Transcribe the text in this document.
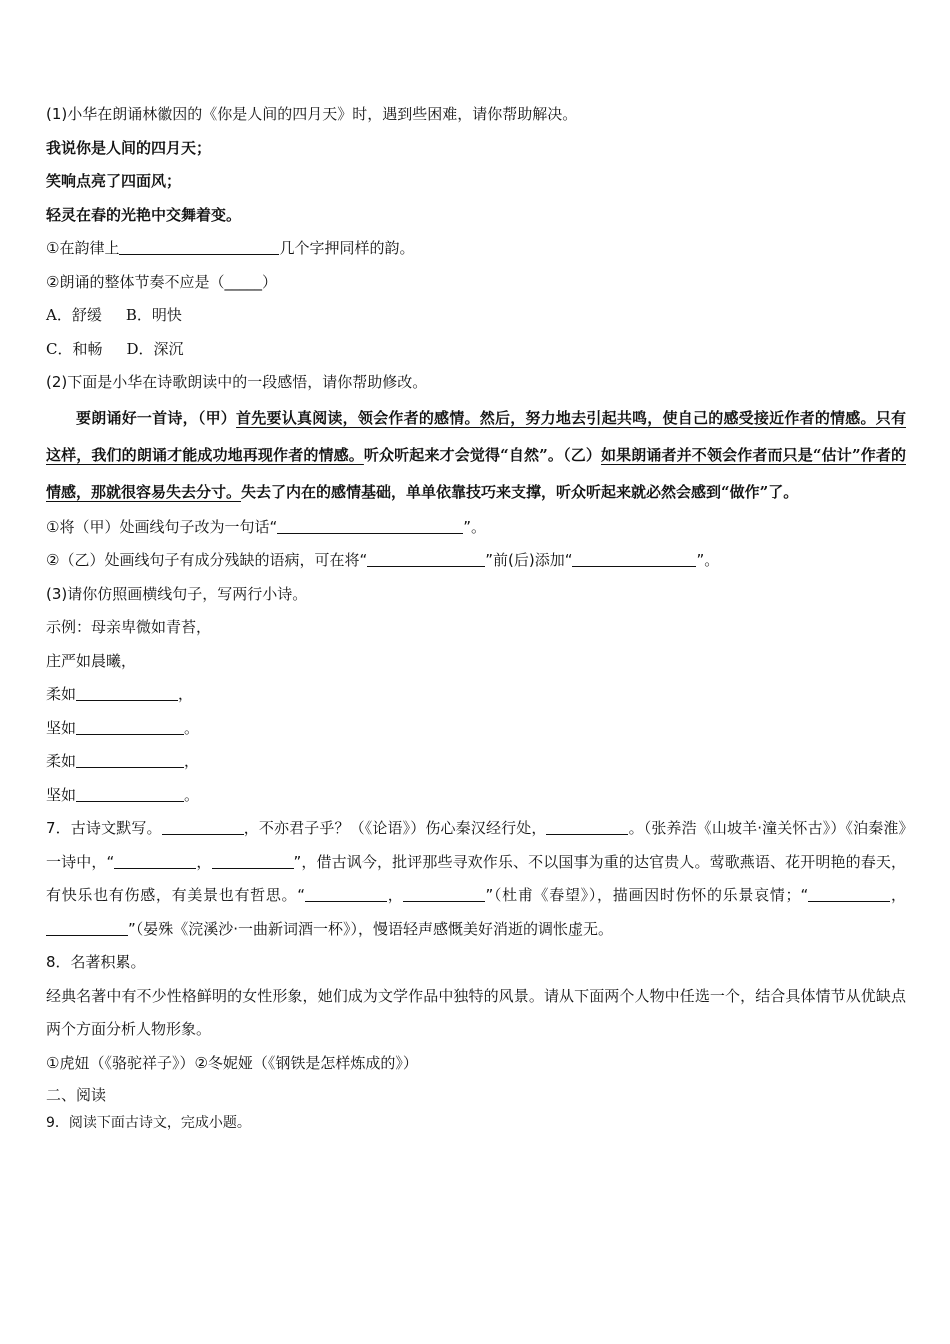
(1)小华在朗诵林徽因的《你是人间的四月天》时，遇到些困难，请你帮助解决。
我说你是人间的四月天；
笑响点亮了四面风；
轻灵在春的光艳中交舞着变。
①在韵律上	几个字押同样的韵。
②朗诵的整体节奏不应是（_____）
A．舒缓 B．明快
C．和畅 D．深沉
(2)下面是小华在诗歌朗读中的一段感悟，请你帮助修改。

要朗诵好一首诗，（甲）首先要认真阅读，领会作者的感情。然后，努力地去引起共鸣，使自己的感受接近作者的情感。只有这样，我们的朗诵才能成功地再现作者的情感。听众听起来才会觉得“自然”。（乙）如果朗诵者并不领会作者而只是“估计”作者的情感，那就很容易失去分寸。失去了内在的感情基础，单单依靠技巧来支撑，听众听起来就必然会感到“做作”了。

①将（甲）处画线句子改为一句话“	”。
②（乙）处画线句子有成分残缺的语病，可在将“	”前(后)添加“	”。
(3)请你仿照画横线句子，写两行小诗。
示例：母亲卑微如青苔，
庄严如晨曦，
柔如	，
坚如	。
柔如	，
坚如	。

7．古诗文默写。	，不亦君子乎？（《论语》）伤心秦汉经行处，	。（张养浩《山坡羊·潼关怀古》）《泊秦淮》一诗中，“	，	”，借古讽今，批评那些寻欢作乐、不以国事为重的达官贵人。莺歌燕语、花开明艳的春天，有快乐也有伤感，有美景也有哲思。“	，	”（杜甫《春望》），描画因时伤怀的乐景哀情；“	，”（晏殊《浣溪沙·一曲新词酒一杯》），慢语轻声感慨美好消逝的调怅虚无。

8．名著积累。

经典名著中有不少性格鲜明的女性形象，她们成为文学作品中独特的风景。请从下面两个人物中任选一个，结合具体情节从优缺点两个方面分析人物形象。

①虎妞（《骆驼祥子》）②冬妮娅（《钢铁是怎样炼成的》）
二、阅读
9．阅读下面古诗文，完成小题。
